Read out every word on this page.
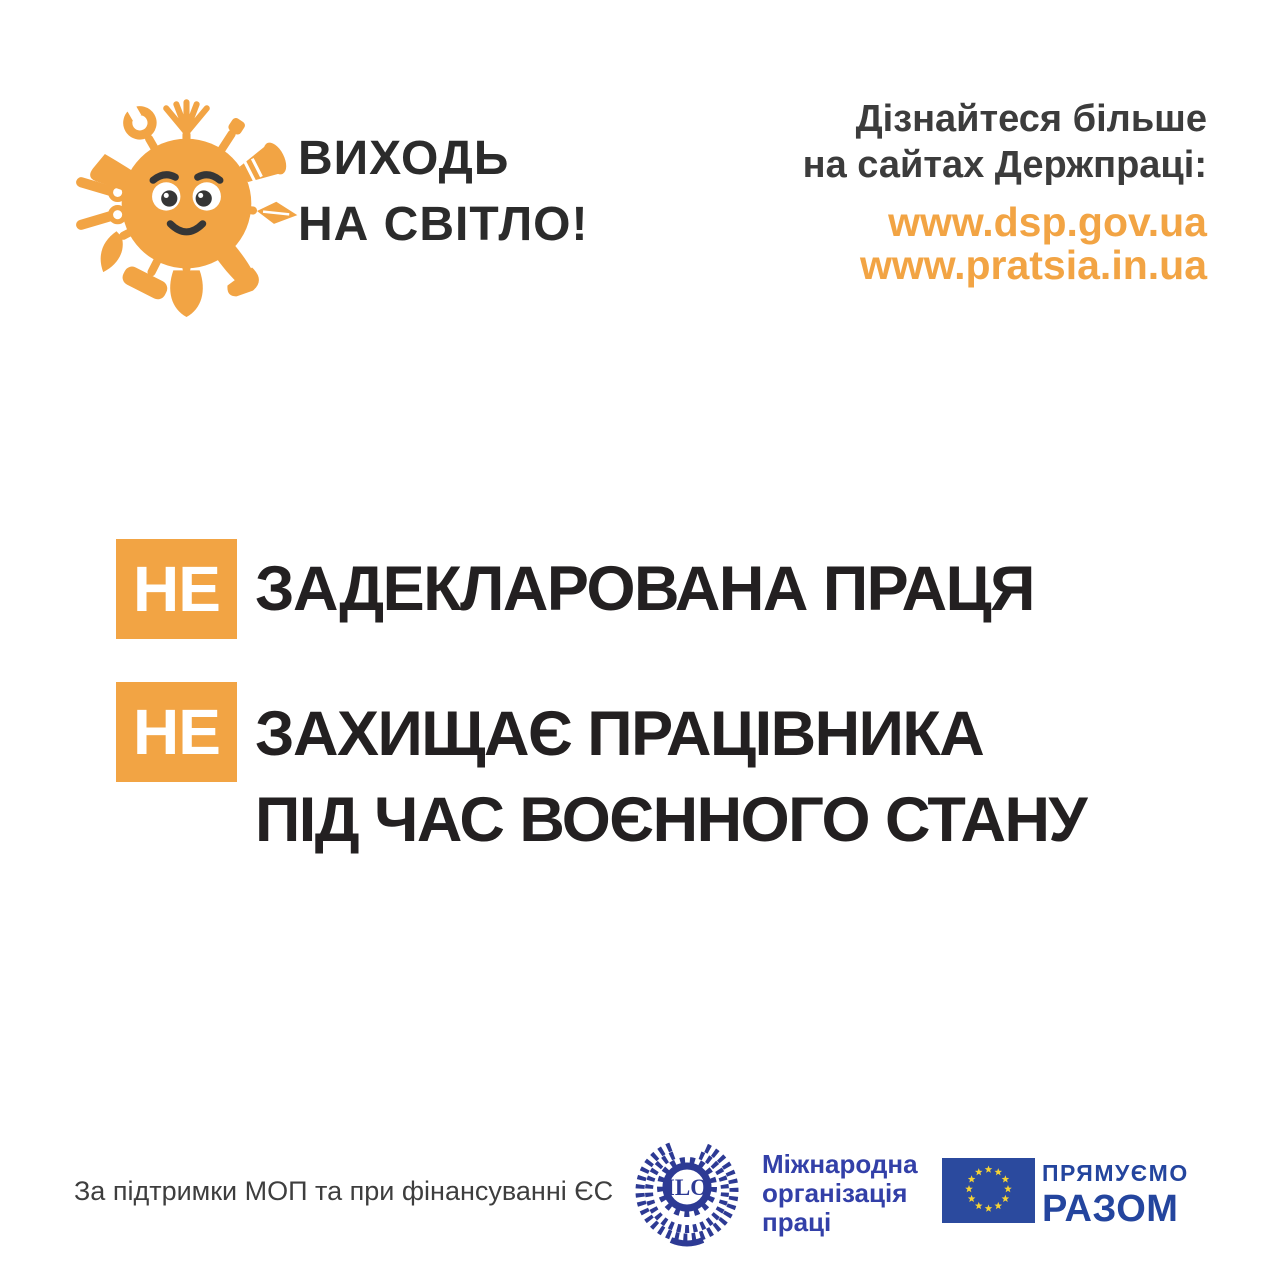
ВИХОДЬ
НА СВІТЛО!
Дізнайтеся більше
на сайтах Держпраці:
www.dsp.gov.ua
www.pratsia.in.ua
НЕ ЗАДЕКЛАРОВАНА ПРАЦЯ
НЕ ЗАХИЩАЄ ПРАЦІВНИКА
ПІД ЧАС ВОЄННОГО СТАНУ
За підтримки МОП та при фінансуванні ЄС ILO
Міжнародна
організація
праці
ПРЯМУЄМО
РАЗОМ
